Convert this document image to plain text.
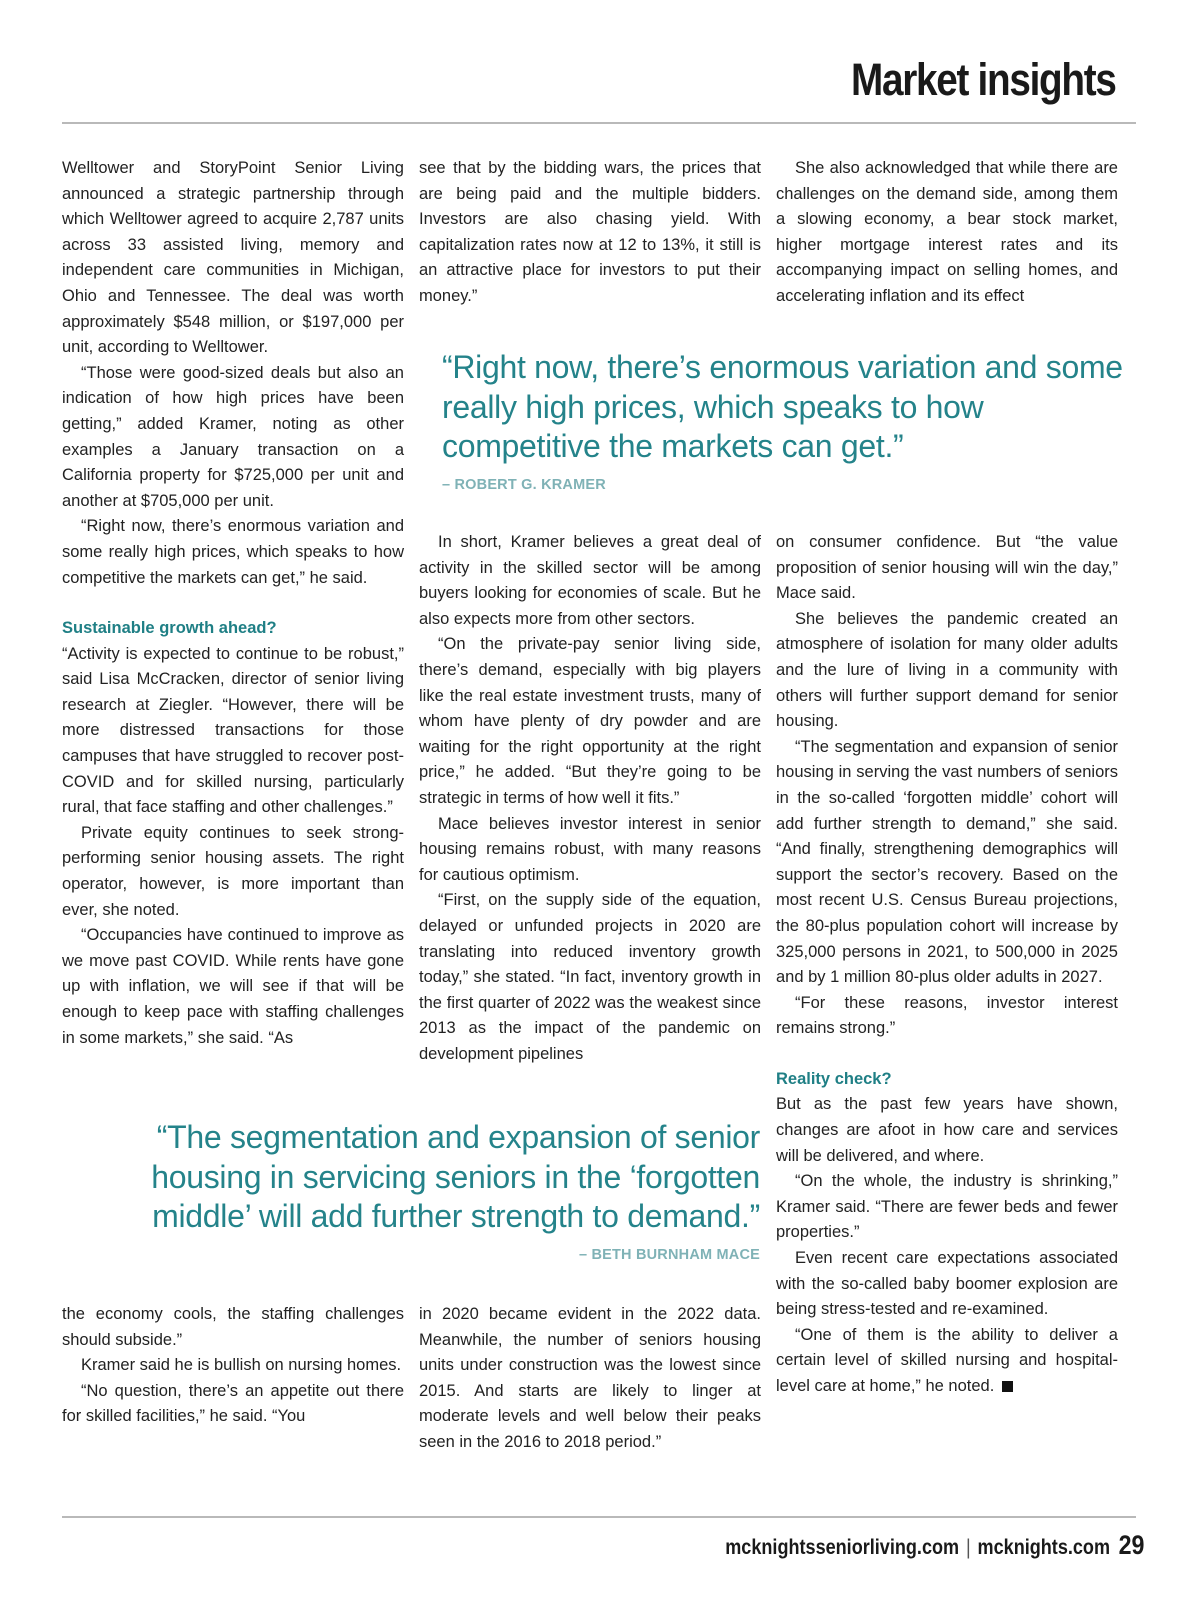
Market insights

Welltower and StoryPoint Senior Living announced a strategic partnership through which Welltower agreed to acquire 2,787 units across 33 assisted living, memory and independent care communities in Michigan, Ohio and Tennessee. The deal was worth approximately $548 million, or $197,000 per unit, according to Welltower.

“Those were good-sized deals but also an indication of how high prices have been getting,” added Kramer, noting as other examples a January transaction on a California property for $725,000 per unit and another at $705,000 per unit.

“Right now, there’s enormous variation and some really high prices, which speaks to how competitive the markets can get,” he said.

Sustainable growth ahead?

“Activity is expected to continue to be robust,” said Lisa McCracken, director of senior living research at Ziegler. “However, there will be more distressed transactions for those campuses that have struggled to recover post-COVID and for skilled nursing, particularly rural, that face staffing and other challenges.”

Private equity continues to seek strong-performing senior housing assets. The right operator, however, is more important than ever, she noted.

“Occupancies have continued to improve as we move past COVID. While rents have gone up with inflation, we will see if that will be enough to keep pace with staffing challenges in some markets,” she said. “As

see that by the bidding wars, the prices that are being paid and the multiple bidders. Investors are also chasing yield. With capitalization rates now at 12 to 13%, it still is an attractive place for investors to put their money.”

She also acknowledged that while there are challenges on the demand side, among them a slowing economy, a bear stock market, higher mortgage interest rates and its accompanying impact on selling homes, and accelerating inflation and its effect

“Right now, there’s enormous variation and some really high prices, which speaks to how competitive the markets can get.”
– ROBERT G. KRAMER

In short, Kramer believes a great deal of activity in the skilled sector will be among buyers looking for economies of scale. But he also expects more from other sectors.

“On the private-pay senior living side, there’s demand, especially with big players like the real estate investment trusts, many of whom have plenty of dry powder and are waiting for the right opportunity at the right price,” he added. “But they’re going to be strategic in terms of how well it fits.”

Mace believes investor interest in senior housing remains robust, with many reasons for cautious optimism.

“First, on the supply side of the equation, delayed or unfunded projects in 2020 are translating into reduced inventory growth today,” she stated. “In fact, inventory growth in the first quarter of 2022 was the weakest since 2013 as the impact of the pandemic on development pipelines

on consumer confidence. But “the value proposition of senior housing will win the day,” Mace said.

She believes the pandemic created an atmosphere of isolation for many older adults and the lure of living in a community with others will further support demand for senior housing.

“The segmentation and expansion of senior housing in serving the vast numbers of seniors in the so-called ‘forgotten middle’ cohort will add further strength to demand,” she said. “And finally, strengthening demographics will support the sector’s recovery. Based on the most recent U.S. Census Bureau projections, the 80-plus population cohort will increase by 325,000 persons in 2021, to 500,000 in 2025 and by 1 million 80-plus older adults in 2027.

“For these reasons, investor interest remains strong.”

Reality check?

But as the past few years have shown, changes are afoot in how care and services will be delivered, and where.

“On the whole, the industry is shrinking,” Kramer said. “There are fewer beds and fewer properties.”

Even recent care expectations associated with the so-called baby boomer explosion are being stress-tested and re-examined.

“One of them is the ability to deliver a certain level of skilled nursing and hospital-level care at home,” he noted.

“The segmentation and expansion of senior housing in servicing seniors in the ‘forgotten middle’ will add further strength to demand.”
– BETH BURNHAM MACE

the economy cools, the staffing challenges should subside.”

Kramer said he is bullish on nursing homes.

“No question, there’s an appetite out there for skilled facilities,” he said. “You

in 2020 became evident in the 2022 data. Meanwhile, the number of seniors housing units under construction was the lowest since 2015. And starts are likely to linger at moderate levels and well below their peaks seen in the 2016 to 2018 period.”

mcknightsseniorliving.com | mcknights.com 29
